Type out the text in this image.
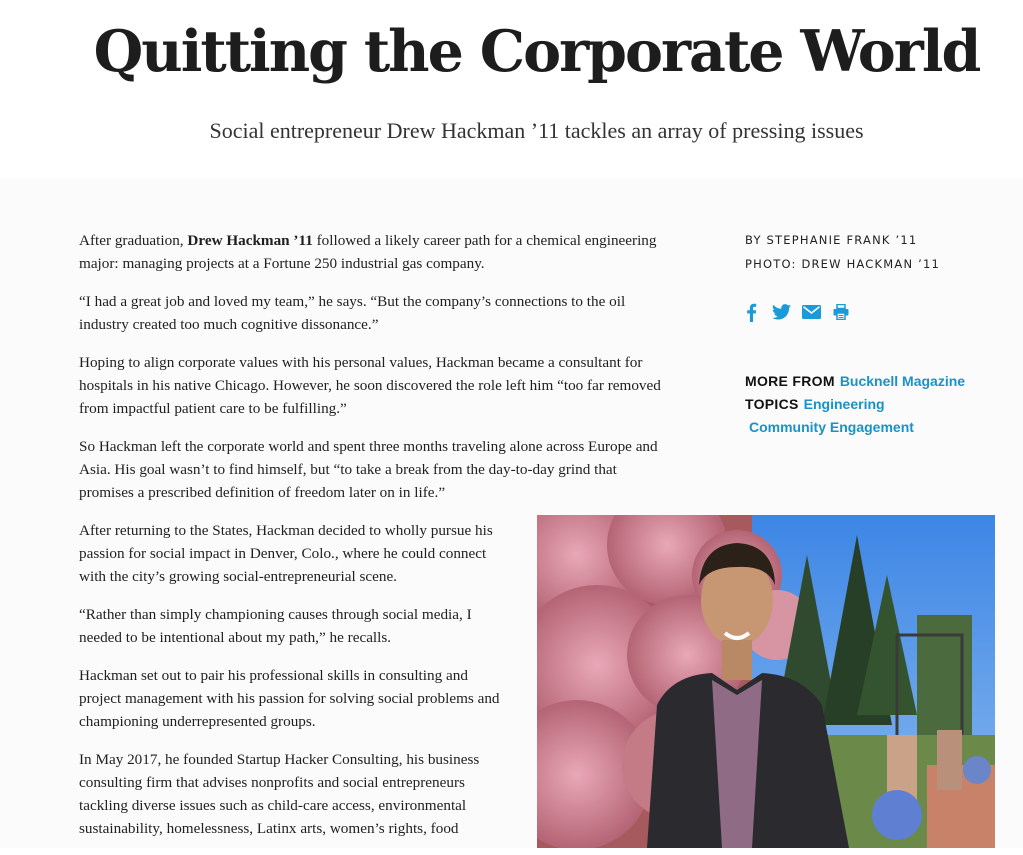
Quitting the Corporate World
Social entrepreneur Drew Hackman ’11 tackles an array of pressing issues

After graduation, Drew Hackman ’11 followed a likely career path for a chemical engineering major: managing projects at a Fortune 250 industrial gas company.

“I had a great job and loved my team,” he says. “But the company’s connections to the oil industry created too much cognitive dissonance.”

Hoping to align corporate values with his personal values, Hackman became a consultant for hospitals in his native Chicago. However, he soon discovered the role left him “too far removed from impactful patient care to be fulfilling.”

So Hackman left the corporate world and spent three months traveling alone across Europe and Asia. His goal wasn’t to find himself, but “to take a break from the day-to-day grind that promises a prescribed definition of freedom later on in life.”

After returning to the States, Hackman decided to wholly pursue his passion for social impact in Denver, Colo., where he could connect with the city’s growing social-entrepreneurial scene.

“Rather than simply championing causes through social media, I needed to be intentional about my path,” he recalls.

Hackman set out to pair his professional skills in consulting and project management with his passion for solving social problems and championing underrepresented groups.

In May 2017, he founded Startup Hacker Consulting, his business consulting firm that advises nonprofits and social entrepreneurs tackling diverse issues such as child-care access, environmental sustainability, homelessness, Latinx arts, women’s rights, food

BY STEPHANIE FRANK ’11
PHOTO: DREW HACKMAN ’11
MORE FROM Bucknell Magazine
TOPICS Engineering
Community Engagement
